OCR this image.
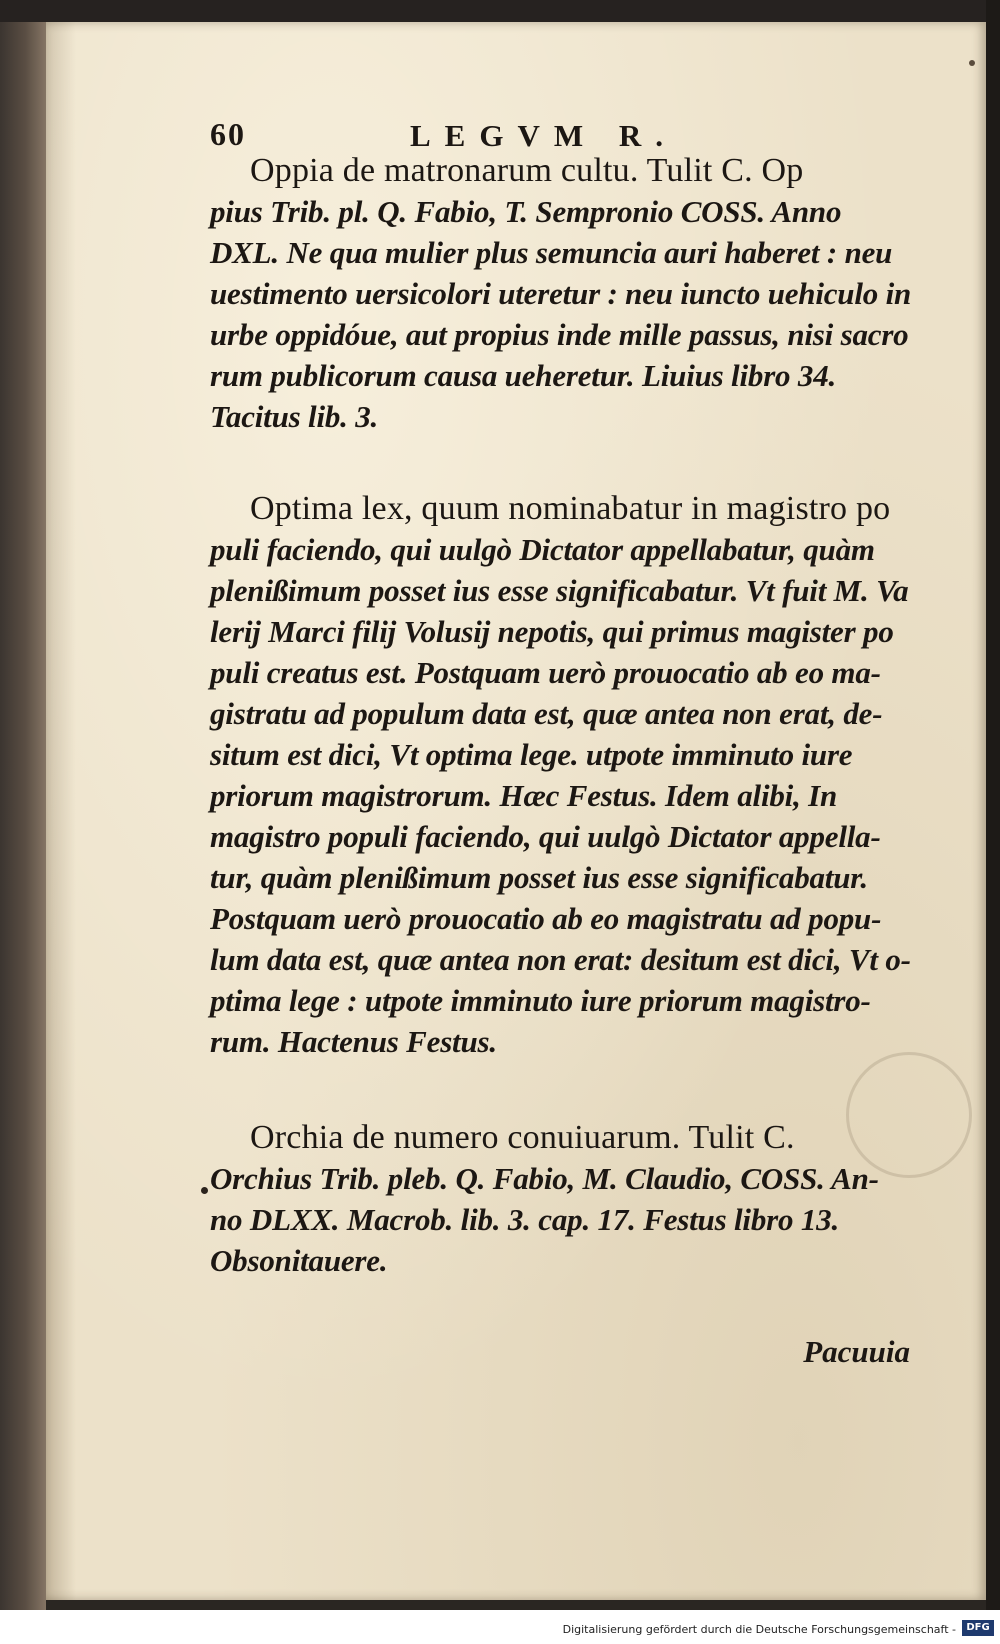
60	LEGVM R.
Oppia de matronarum cultu. Tulit C. Op
pius Trib. pl. Q. Fabio, T. Sempronio COSS. Anno
DXL. Ne qua mulier plus semuncia auri haberet : neu
uestimento uersicolori uteretur : neu iuncto uehiculo in
urbe oppidóue, aut propius inde mille passus, nisi sacro
rum publicorum causa ueheretur. Liuius libro 34.
Tacitus lib. 3.
Optima lex, quum nominabatur in magistro po
puli faciendo, qui uulgò Dictator appellabatur, quàm
plenißimum posset ius esse significabatur. Vt fuit M. Va
lerij Marci filij Volusij nepotis, qui primus magister po
puli creatus est. Postquam uerò prouocatio ab eo ma-
gistratu ad populum data est, quæ antea non erat, de-
situm est dici, Vt optima lege. utpote imminuto iure
priorum magistrorum. Hæc Festus. Idem alibi, In
magistro populi faciendo, qui uulgò Dictator appella-
tur, quàm plenißimum posset ius esse significabatur.
Postquam uerò prouocatio ab eo magistratu ad popu-
lum data est, quæ antea non erat: desitum est dici, Vt o-
ptima lege : utpote imminuto iure priorum magistro-
rum. Hactenus Festus.
Orchia de numero conuiuarum. Tulit C.
Orchius Trib. pleb. Q. Fabio, M. Claudio, COSS. An-
no DLXX. Macrob. lib. 3. cap. 17. Festus libro 13.
Obsonitauere.
Pacuuia
Digitalisierung gefördert durch die Deutsche Forschungsgemeinschaft -	DFG
